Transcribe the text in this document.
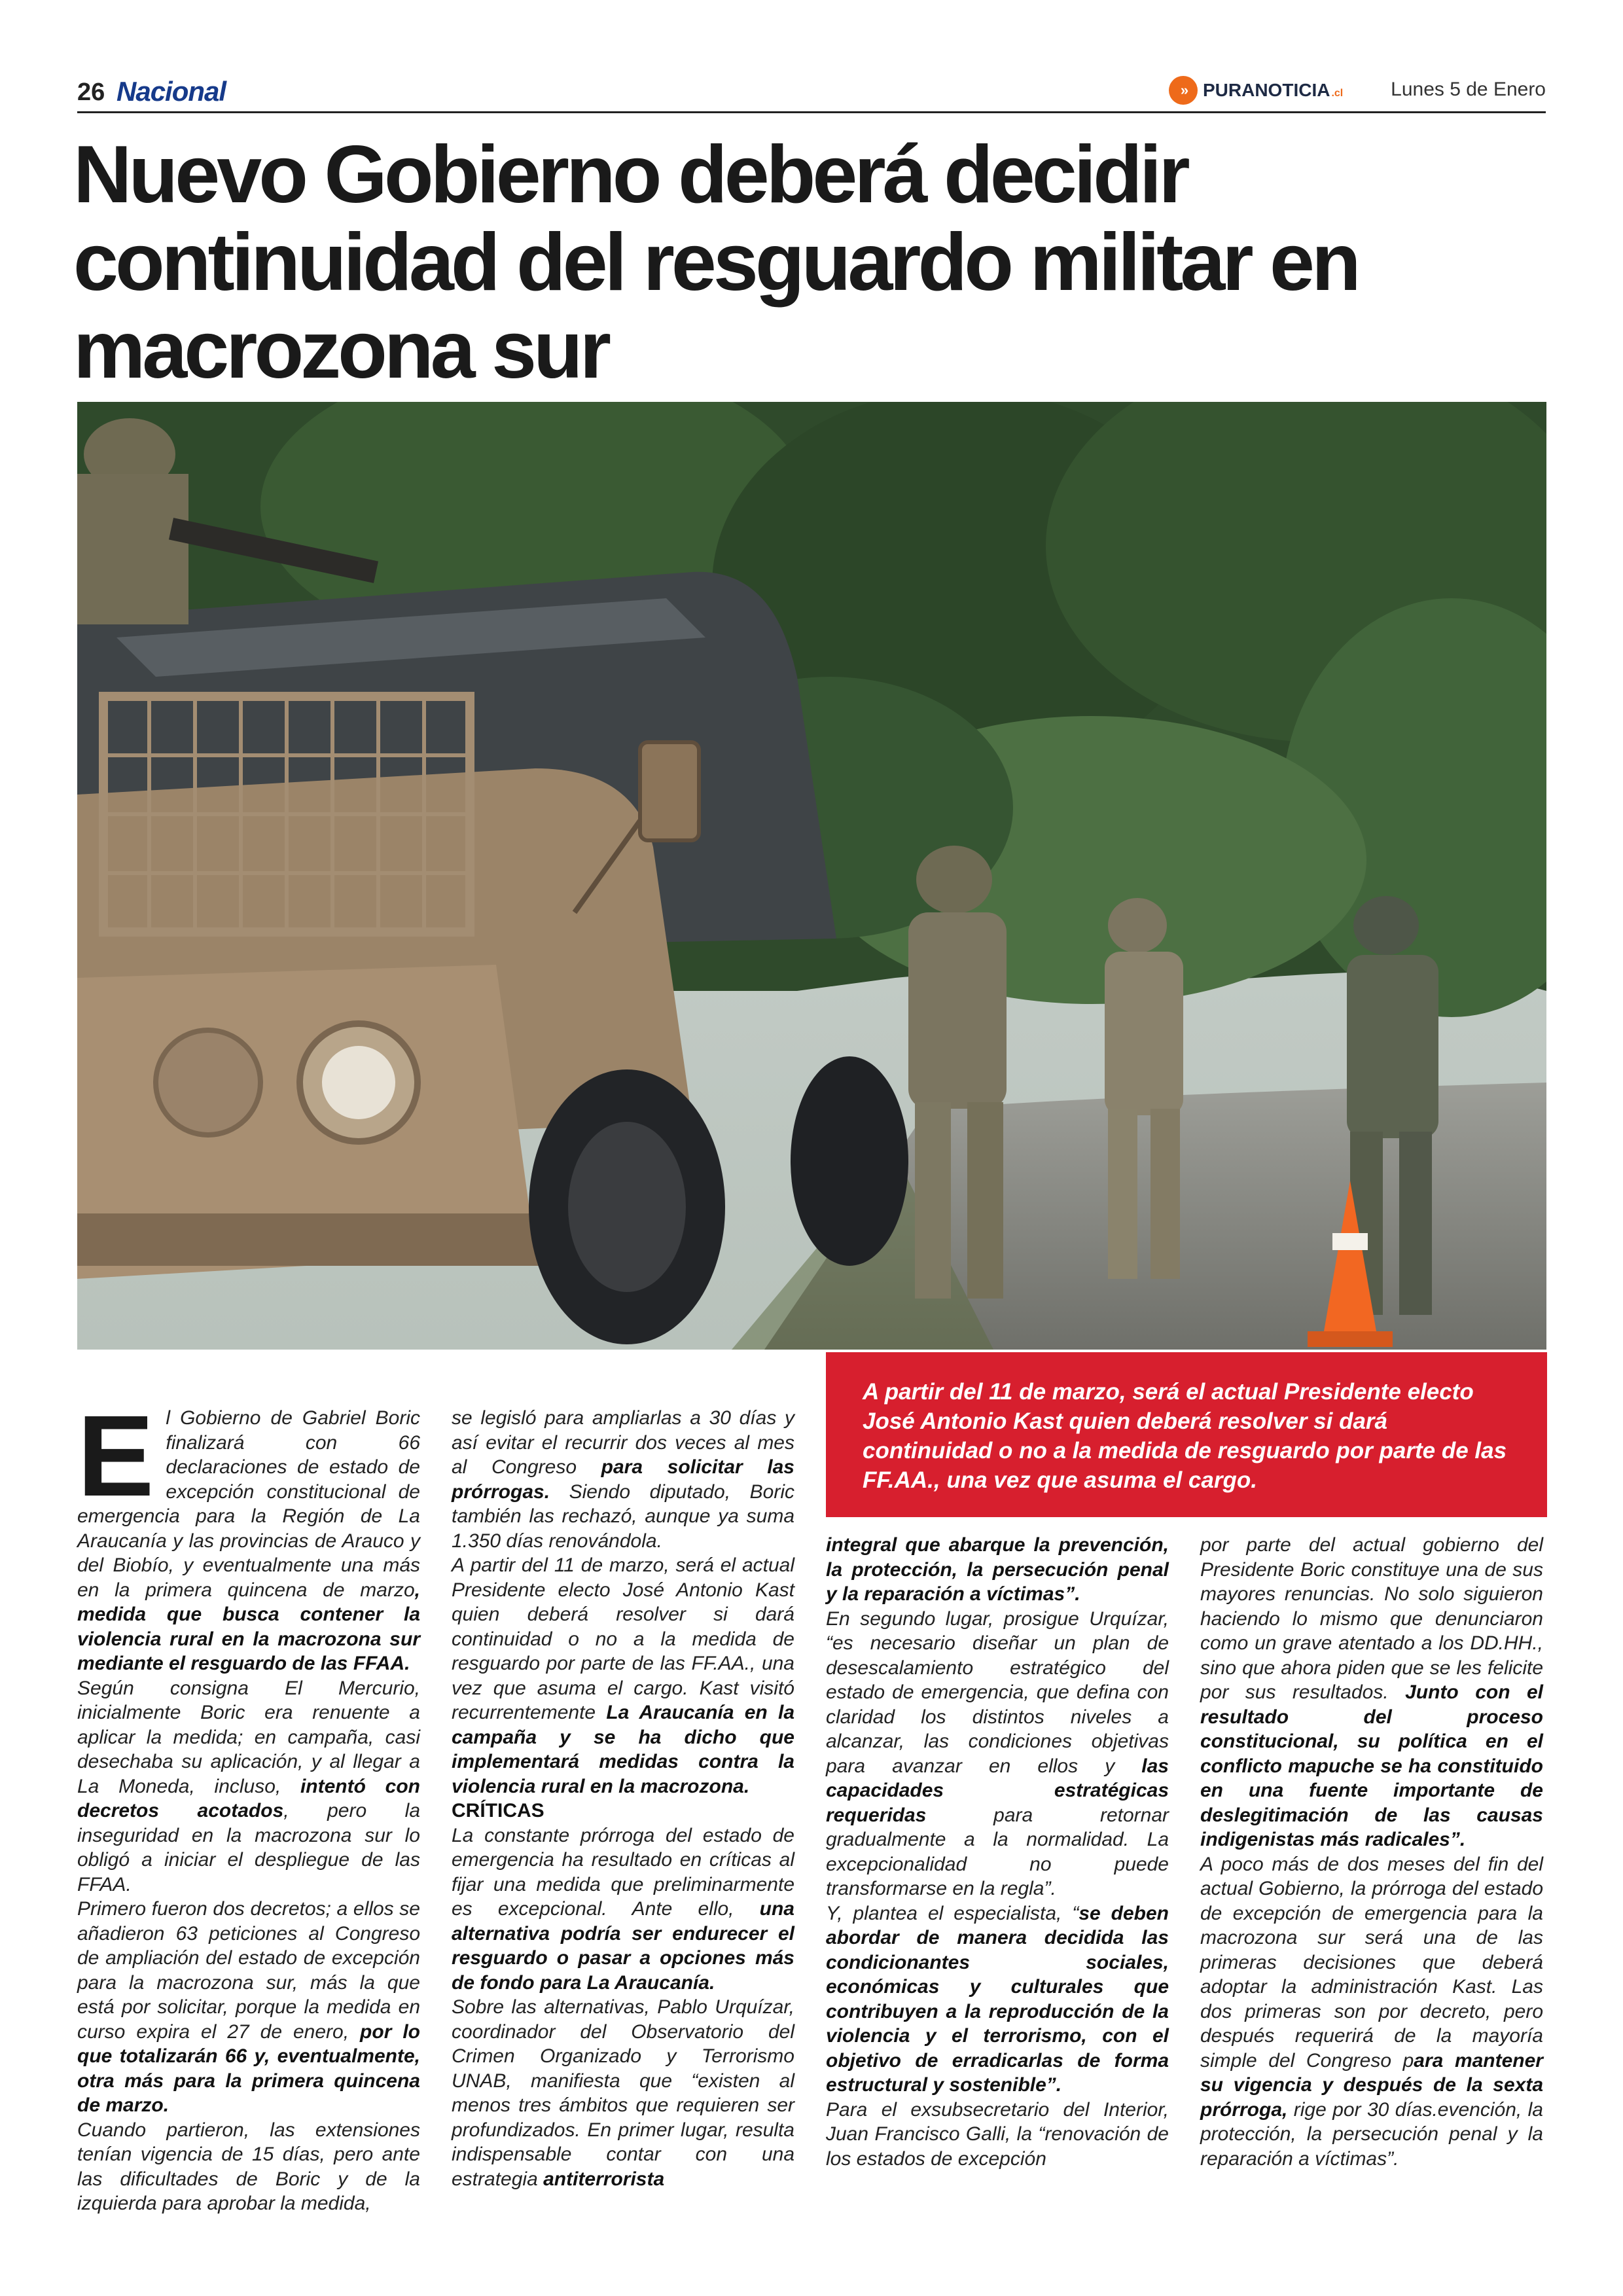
26 Nacional	» PURANOTICIA .cl Lunes 5 de Enero
Nuevo Gobierno deberá decidir continuidad del resguardo militar en macrozona sur

A partir del 11 de marzo, será el actual Presidente electo José Antonio Kast quien deberá resolver si dará continuidad o no a la medida de resguardo por parte de las FF.AA., una vez que asuma el cargo.

E l Gobierno de Gabriel Boric finalizará con 66 declaraciones de estado de excepción constitucional de emergencia para la Región de La Araucanía y las provincias de Arauco y del Biobío, y eventualmente una más en la primera quincena de marzo, medida que busca contener la violencia rural en la macrozona sur mediante el resguardo de las FFAA.

Según consigna El Mercurio, inicialmente Boric era renuente a aplicar la medida; en campaña, casi desechaba su aplicación, y al llegar a La Moneda, incluso, intentó con decretos acotados, pero la inseguridad en la macrozona sur lo obligó a iniciar el despliegue de las FFAA.

Primero fueron dos decretos; a ellos se añadieron 63 peticiones al Congreso de ampliación del estado de excepción para la macrozona sur, más la que está por solicitar, porque la medida en curso expira el 27 de enero, por lo que totalizarán 66 y, eventualmente, otra más para la primera quincena de marzo.

Cuando partieron, las extensiones tenían vigencia de 15 días, pero ante las dificultades de Boric y de la izquierda para aprobar la medida,

se legisló para ampliarlas a 30 días y así evitar el recurrir dos veces al mes al Congreso para solicitar las prórrogas. Siendo diputado, Boric también las rechazó, aunque ya suma 1.350 días renovándola.

A partir del 11 de marzo, será el actual Presidente electo José Antonio Kast quien deberá resolver si dará continuidad o no a la medida de resguardo por parte de las FF.AA., una vez que asuma el cargo. Kast visitó recurrentemente La Araucanía en la campaña y se ha dicho que implementará medidas contra la violencia rural en la macrozona.

CRÍTICAS

La constante prórroga del estado de emergencia ha resultado en críticas al fijar una medida que preliminarmente es excepcional. Ante ello, una alternativa podría ser endurecer el resguardo o pasar a opciones más de fondo para La Araucanía.

Sobre las alternativas, Pablo Urquízar, coordinador del Observatorio del Crimen Organizado y Terrorismo UNAB, manifiesta que “existen al menos tres ámbitos que requieren ser profundizados. En primer lugar, resulta indispensable contar con una estrategia antiterrorista

integral que abarque la prevención, la protección, la persecución penal y la reparación a víctimas”.

En segundo lugar, prosigue Urquízar, “es necesario diseñar un plan de desescalamiento estratégico del estado de emergencia, que defina con claridad los distintos niveles a alcanzar, las condiciones objetivas para avanzar en ellos y las capacidades estratégicas requeridas para retornar gradualmente a la normalidad. La excepcionalidad no puede transformarse en la regla”.

Y, plantea el especialista, “se deben abordar de manera decidida las condicionantes sociales, económicas y culturales que contribuyen a la reproducción de la violencia y el terrorismo, con el objetivo de erradicarlas de forma estructural y sostenible”.

Para el exsubsecretario del Interior, Juan Francisco Galli, la “renovación de los estados de excepción

por parte del actual gobierno del Presidente Boric constituye una de sus mayores renuncias. No solo siguieron haciendo lo mismo que denunciaron como un grave atentado a los DD.HH., sino que ahora piden que se les felicite por sus resultados. Junto con el resultado del proceso constitucional, su política en el conflicto mapuche se ha constituido en una fuente importante de deslegitimación de las causas indigenistas más radicales”.

A poco más de dos meses del fin del actual Gobierno, la prórroga del estado de excepción de emergencia para la macrozona sur será una de las primeras decisiones que deberá adoptar la administración Kast. Las dos primeras son por decreto, pero después requerirá de la mayoría simple del Congreso para mantener su vigencia y después de la sexta prórroga, rige por 30 días.evención, la protección, la persecución penal y la reparación a víctimas”.
